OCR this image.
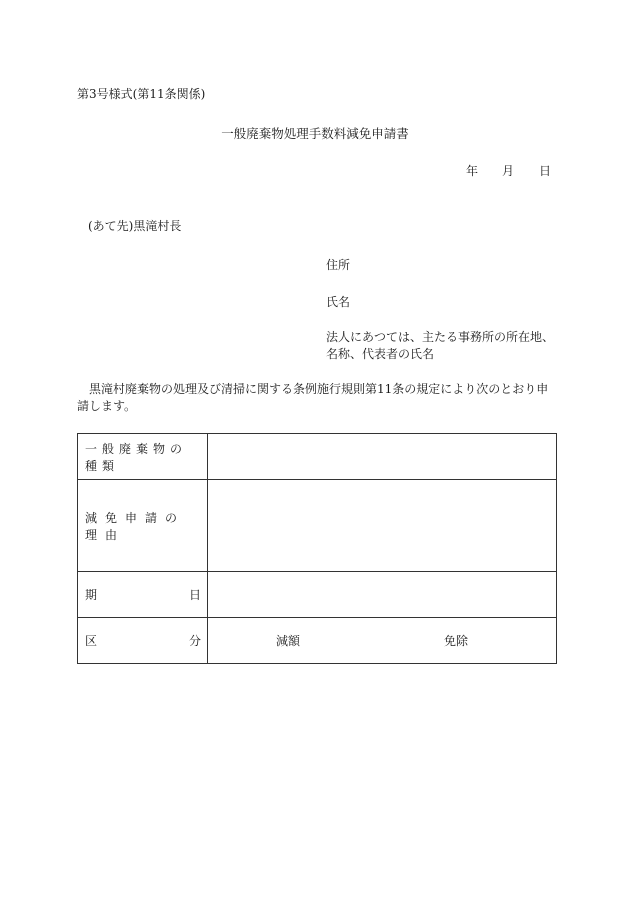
第3号様式(第11条関係)
一般廃棄物処理手数料減免申請書
年 月 日
(あて先)黒滝村長
住所
氏名
法人にあつては、主たる事務所の所在地、
名称、代表者の氏名
黒滝村廃棄物の処理及び清掃に関する条例施行規則第11条の規定により次のとおり申請します。
一般廃棄物の種類	
減免申請の理由	

期 日	

区 分	減額 免除
